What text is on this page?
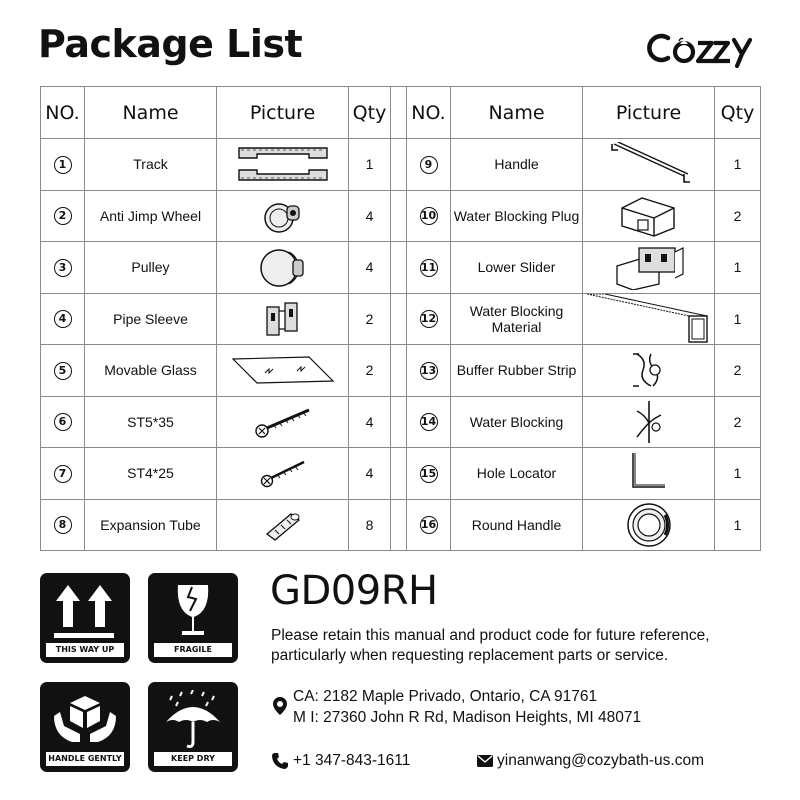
Package List
NO.	Name	Picture	Qty		NO.	Name	Picture	Qty
1	Track		1		9	Handle		1
2	Anti Jimp Wheel		4		10	Water Blocking Plug		2
3	Pulley		4		11	Lower Slider		1
4	Pipe Sleeve		2		12	Water Blocking Material		1
5	Movable Glass		2		13	Buffer Rubber Strip		2
6	ST5*35		4		14	Water Blocking		2
7	ST4*25		4		15	Hole Locator		1
8	Expansion Tube		8		16	Round Handle		1
THIS WAY UP	FRAGILE
HANDLE GENTLY	KEEP DRY
GD09RH
Please retain this manual and product code for future reference, particularly when requesting replacement parts or service.
CA: 2182 Maple Privado, Ontario, CA 91761
M I: 27360 John R Rd, Madison Heights, MI 48071
+1 347-843-1611	yinanwang@cozybath-us.com
